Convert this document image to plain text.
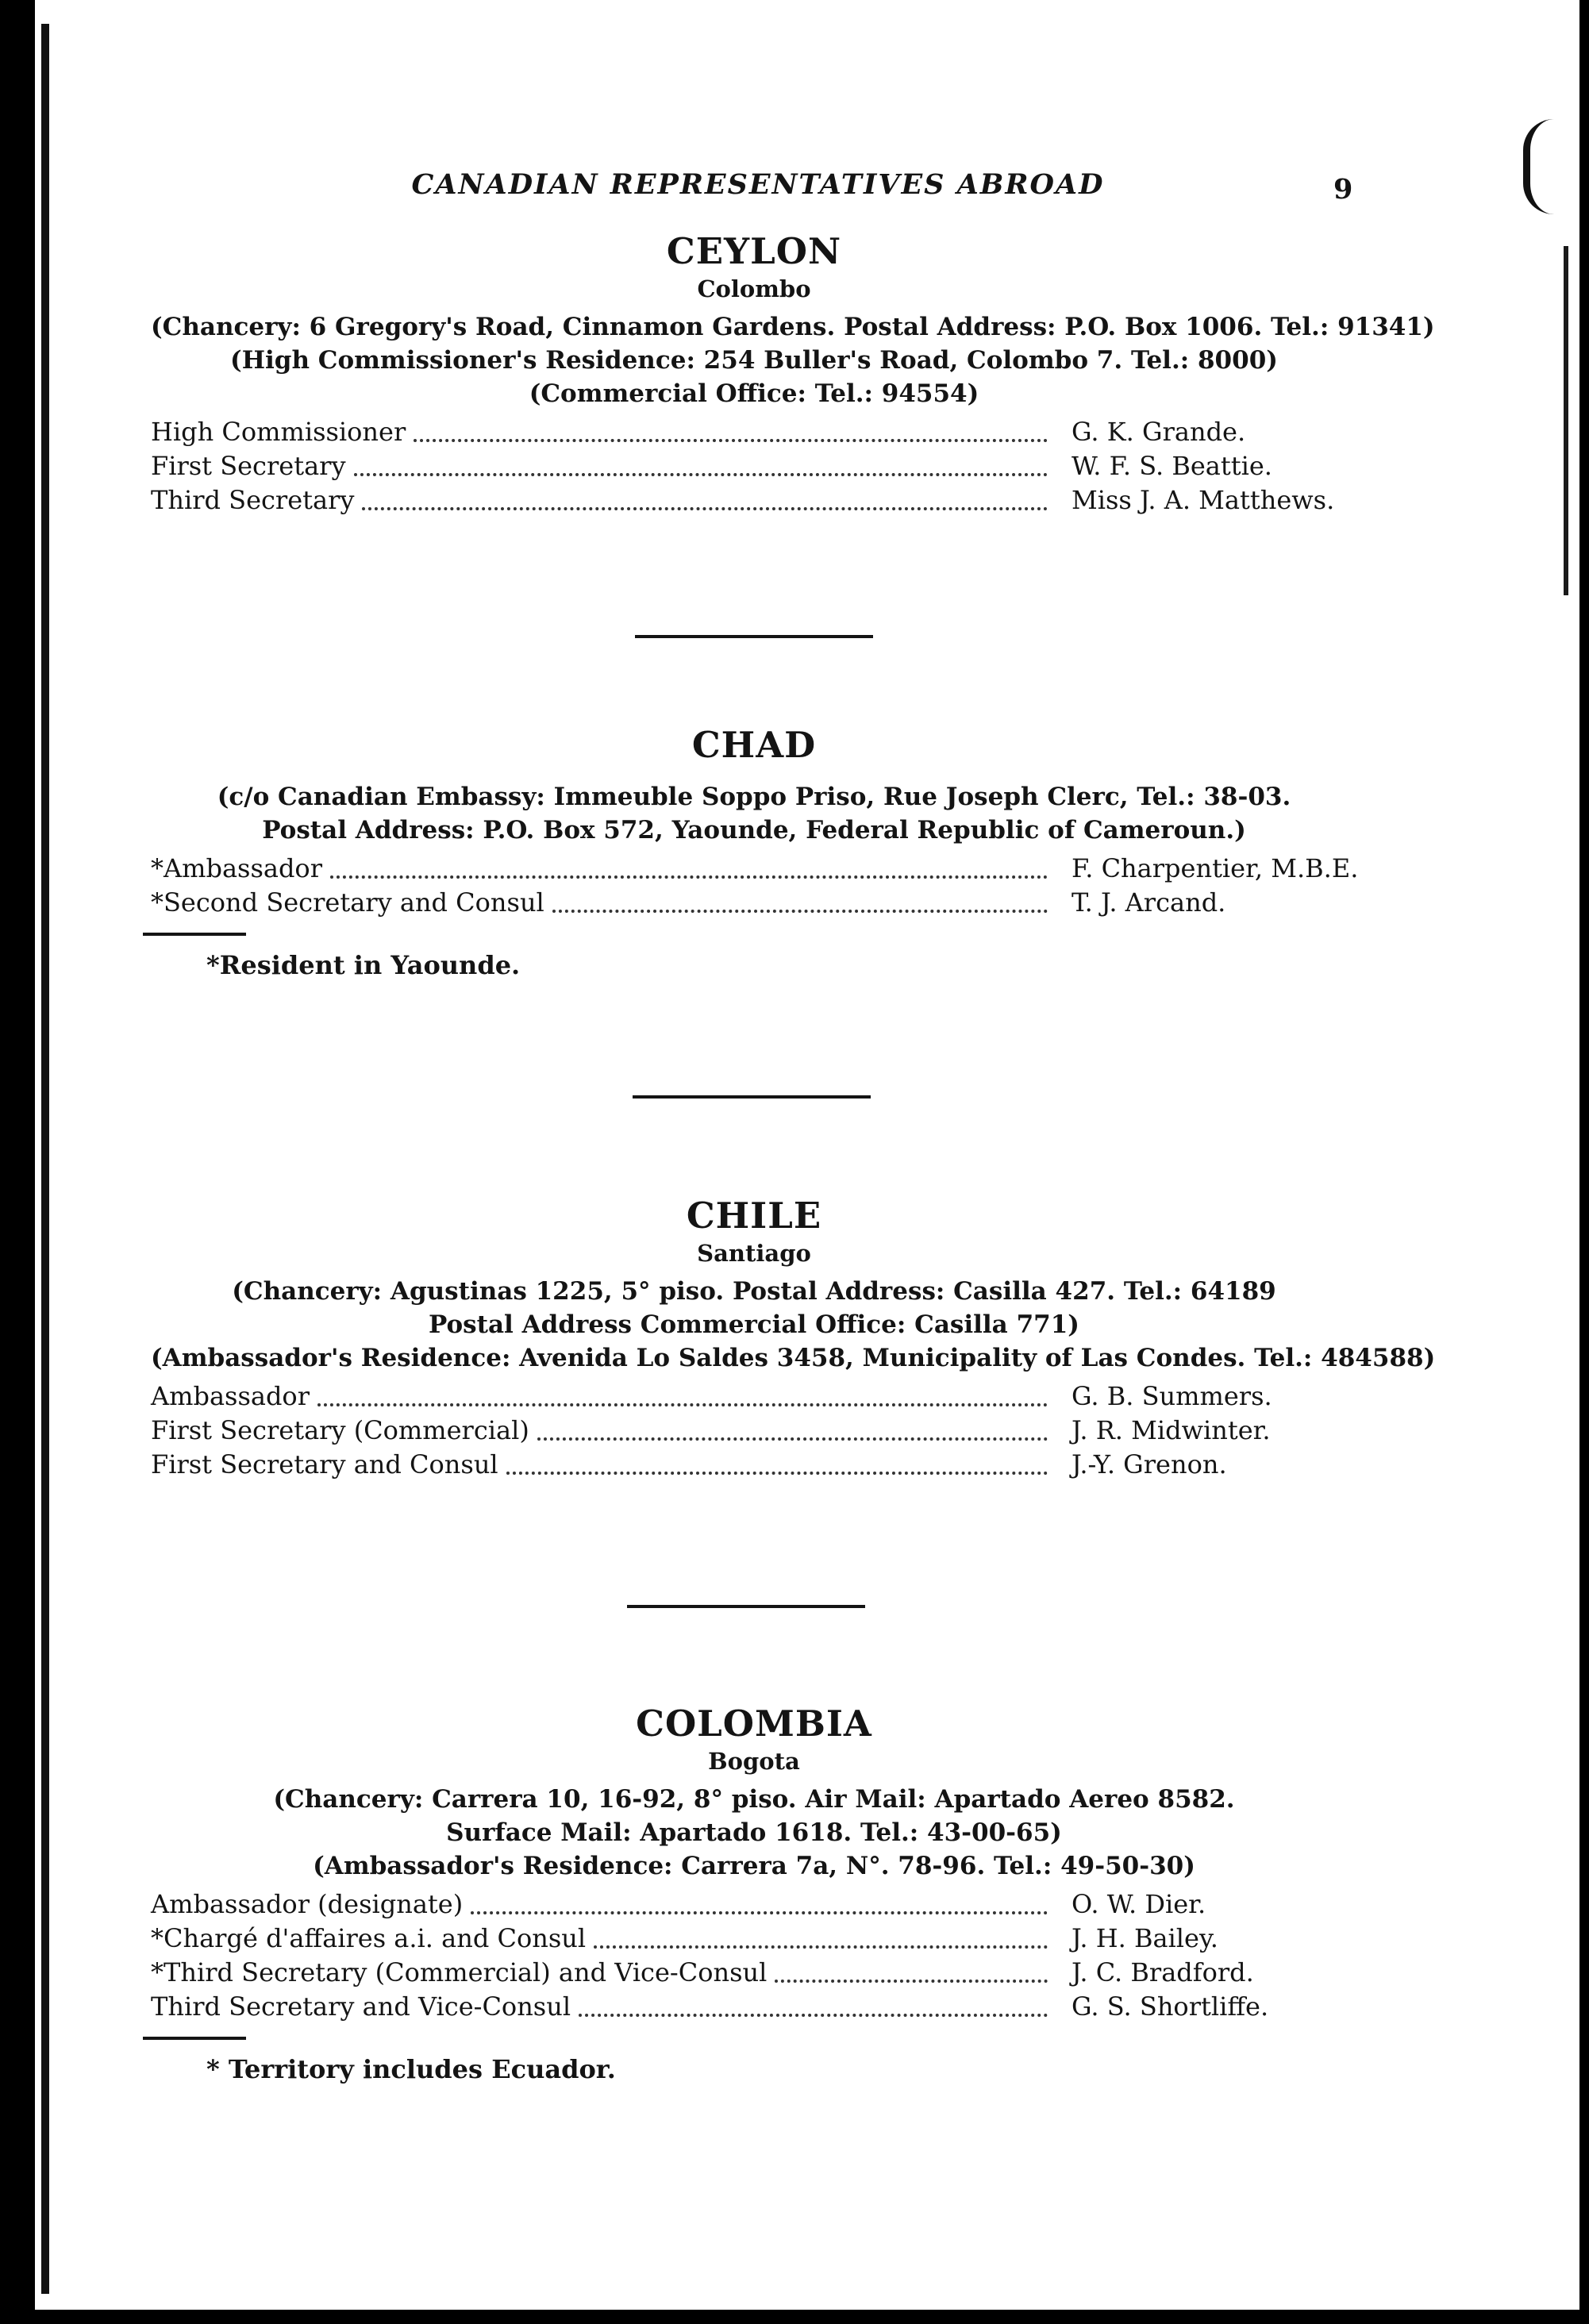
CANADIAN REPRESENTATIVES ABROAD	9
CEYLON
Colombo
(Chancery: 6 Gregory's Road, Cinnamon Gardens. Postal Address: P.O. Box 1006. Tel.: 91341)
(High Commissioner's Residence: 254 Buller's Road, Colombo 7. Tel.: 8000)
(Commercial Office: Tel.: 94554)
High Commissioner	G. K. Grande.
First Secretary	W. F. S. Beattie.
Third Secretary	Miss J. A. Matthews.
CHAD
(c/o Canadian Embassy: Immeuble Soppo Priso, Rue Joseph Clerc, Tel.: 38-03.
Postal Address: P.O. Box 572, Yaounde, Federal Republic of Cameroun.)
*Ambassador	F. Charpentier, M.B.E.
*Second Secretary and Consul	T. J. Arcand.
*Resident in Yaounde.
CHILE
Santiago
(Chancery: Agustinas 1225, 5° piso. Postal Address: Casilla 427. Tel.: 64189
Postal Address Commercial Office: Casilla 771)
(Ambassador's Residence: Avenida Lo Saldes 3458, Municipality of Las Condes. Tel.: 484588)
Ambassador	G. B. Summers.
First Secretary (Commercial)	J. R. Midwinter.
First Secretary and Consul	J.-Y. Grenon.
COLOMBIA
Bogota
(Chancery: Carrera 10, 16-92, 8° piso. Air Mail: Apartado Aereo 8582.
Surface Mail: Apartado 1618. Tel.: 43-00-65)
(Ambassador's Residence: Carrera 7a, N°. 78-96. Tel.: 49-50-30)
Ambassador (designate)	O. W. Dier.
*Chargé d'affaires a.i. and Consul	J. H. Bailey.
*Third Secretary (Commercial) and Vice-Consul	J. C. Bradford.
Third Secretary and Vice-Consul	G. S. Shortliffe.
* Territory includes Ecuador.
